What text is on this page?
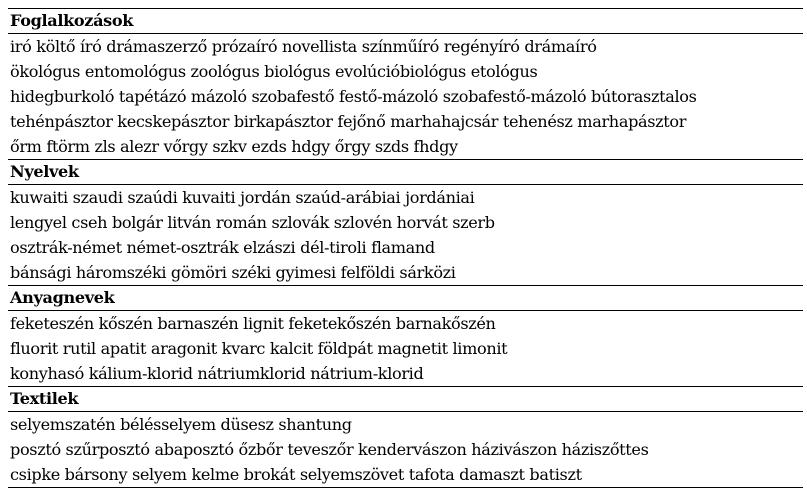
Foglalkozások
iró költő író drámaszerző prózaíró novellista színműíró regényíró drámaíró
ökológus entomológus zoológus biológus evolúcióbiológus etológus
hidegburkoló tapétázó mázoló szobafestő festő-mázoló szobafestő-mázoló bútorasztalos
tehénpásztor kecskepásztor birkapásztor fejőnő marhahajcsár tehenész marhapásztor
őrm ftörm zls alezr vőrgy szkv ezds hdgy őrgy szds fhdgy
Nyelvek
kuwaiti szaudi szaúdi kuvaiti jordán szaúd-arábiai jordániai
lengyel cseh bolgár litván román szlovák szlovén horvát szerb
osztrák-német német-osztrák elzászi dél-tiroli flamand
bánsági háromszéki gömöri széki gyimesi felföldi sárközi
Anyagnevek
feketeszén kőszén barnaszén lignit feketekőszén barnakőszén
fluorit rutil apatit aragonit kvarc kalcit földpát magnetit limonit
konyhasó kálium-klorid nátriumklorid nátrium-klorid
Textilek
selyemszatén bélésselyem düsesz shantung
posztó szűrposztó abaposztó őzbőr teveszőr kendervászon házivászon háziszőttes
csipke bársony selyem kelme brokát selyemszövet tafota damaszt batiszt
